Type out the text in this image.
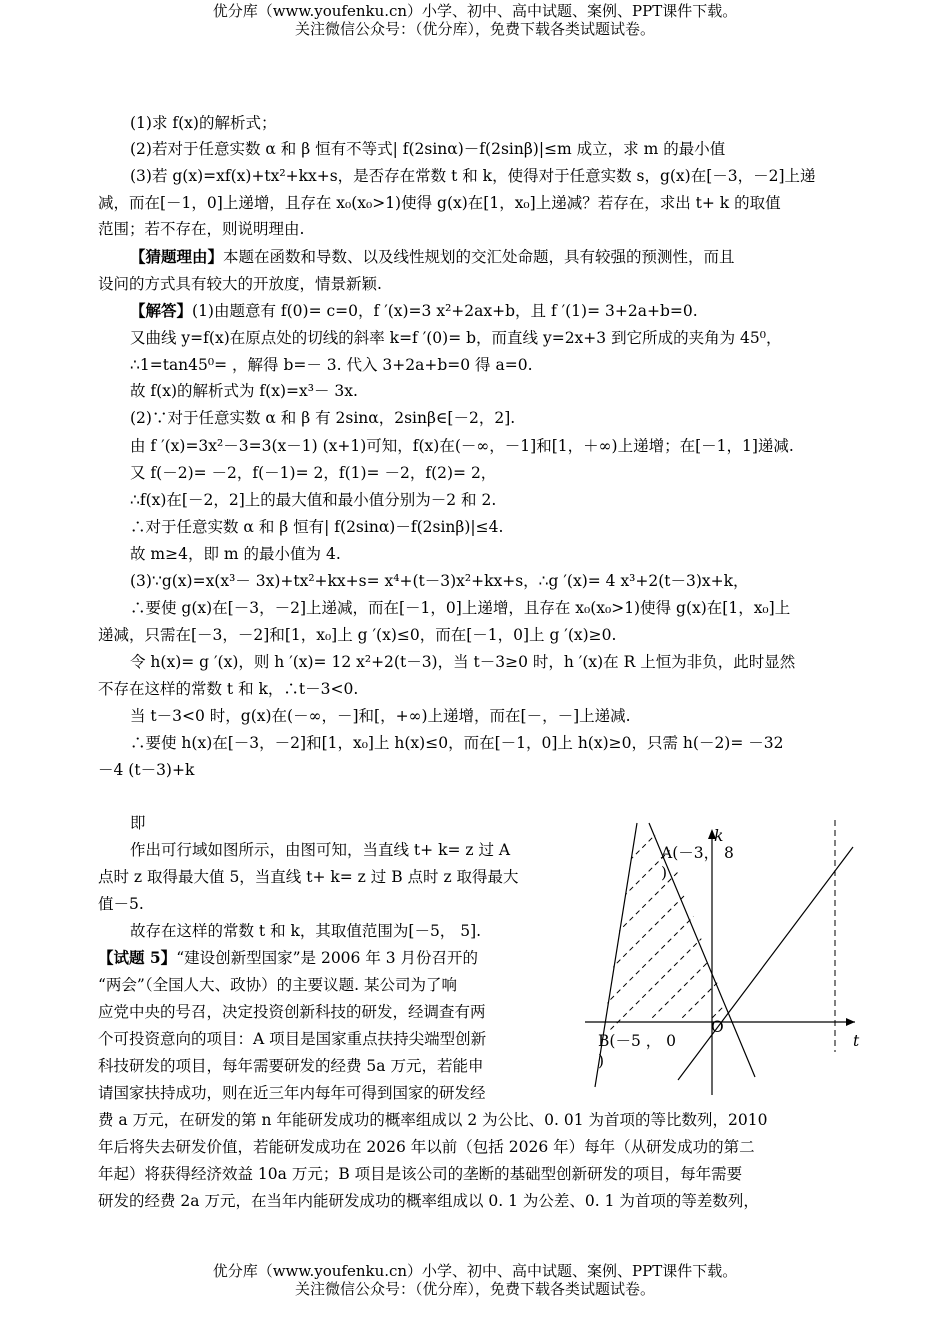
优分库（www.youfenku.cn）小学、初中、高中试题、案例、PPT课件下载。
关注微信公众号：（优分库），免费下载各类试题试卷。
(1)求 f(x)的解析式；
(2)若对于任意实数 α 和 β 恒有不等式| f(2sinα)－f(2sinβ)|≤m 成立，求 m 的最小值
(3)若 g(x)=xf(x)+tx²+kx+s，是否存在常数 t 和 k，使得对于任意实数 s，g(x)在[－3，－2]上递
减，而在[－1，0]上递增，且存在 x₀(x₀>1)使得 g(x)在[1，x₀]上递减？若存在，求出 t+ k 的取值
范围；若不存在，则说明理由.
【猜题理由】本题在函数和导数、以及线性规划的交汇处命题，具有较强的预测性，而且
设问的方式具有较大的开放度，情景新颖.
【解答】(1)由题意有 f(0)= c=0，f ′(x)=3 x²+2ax+b，且 f ′(1)= 3+2a+b=0.
又曲线 y=f(x)在原点处的切线的斜率 k=f ′(0)= b，而直线 y=2x+3 到它所成的夹角为 45⁰，
∴1=tan45⁰= ，解得 b=－ 3. 代入 3+2a+b=0 得 a=0.
故 f(x)的解析式为 f(x)=x³－ 3x.
(2)∵对于任意实数 α 和 β 有 2sinα，2sinβ∈[－2，2].
由 f ′(x)=3x²－3=3(x－1) (x+1)可知，f(x)在(－∞，－1]和[1，＋∞)上递增；在[－1，1]递减.
又 f(－2)= －2，f(－1)= 2，f(1)= －2，f(2)= 2，
∴f(x)在[－2，2]上的最大值和最小值分别为－2 和 2.
∴对于任意实数 α 和 β 恒有| f(2sinα)－f(2sinβ)|≤4.
故 m≥4，即 m 的最小值为 4.
(3)∵g(x)=x(x³－ 3x)+tx²+kx+s= x⁴+(t－3)x²+kx+s，∴g ′(x)= 4 x³+2(t－3)x+k，
∴要使 g(x)在[－3，－2]上递减，而在[－1，0]上递增，且存在 x₀(x₀>1)使得 g(x)在[1，x₀]上
递减，只需在[－3，－2]和[1，x₀]上 g ′(x)≤0，而在[－1，0]上 g ′(x)≥0.
令 h(x)= g ′(x)，则 h ′(x)= 12 x²+2(t－3)，当 t－3≥0 时，h ′(x)在 R 上恒为非负，此时显然
不存在这样的常数 t 和 k，∴t－3<0.
当 t－3<0 时，g(x)在(－∞，－]和[，+∞)上递增，而在[－，－]上递减.
∴要使 h(x)在[－3，－2]和[1，x₀]上 h(x)≤0，而在[－1，0]上 h(x)≥0，只需 h(－2)= －32
－4 (t－3)+k
即
作出可行域如图所示，由图可知，当直线 t+ k= z 过 A
点时 z 取得最大值 5，当直线 t+ k= z 过 B 点时 z 取得最大
值－5.
故存在这样的常数 t 和 k，其取值范围为[－5， 5].
【试题 5】“建设创新型国家”是 2006 年 3 月份召开的
“两会”（全国人大、政协）的主要议题. 某公司为了响
应党中央的号召，决定投资创新科技的研发，经调查有两
个可投资意向的项目：A 项目是国家重点扶持尖端型创新
科技研发的项目，每年需要研发的经费 5a 万元，若能申
请国家扶持成功，则在近三年内每年可得到国家的研发经
费 a 万元，在研发的第 n 年能研发成功的概率组成以 2 为公比、0. 01 为首项的等比数列，2010
年后将失去研发价值，若能研发成功在 2026 年以前（包括 2026 年）每年（从研发成功的第二
年起）将获得经济效益 10a 万元；B 项目是该公司的垄断的基础型创新研发的项目，每年需要
研发的经费 2a 万元，在当年内能研发成功的概率组成以 0. 1 为公差、0. 1 为首项的等差数列，
k
t
O
A(－3， 8
)
B(－5 ， 0
)
优分库（www.youfenku.cn）小学、初中、高中试题、案例、PPT课件下载。
关注微信公众号：（优分库），免费下载各类试题试卷。
